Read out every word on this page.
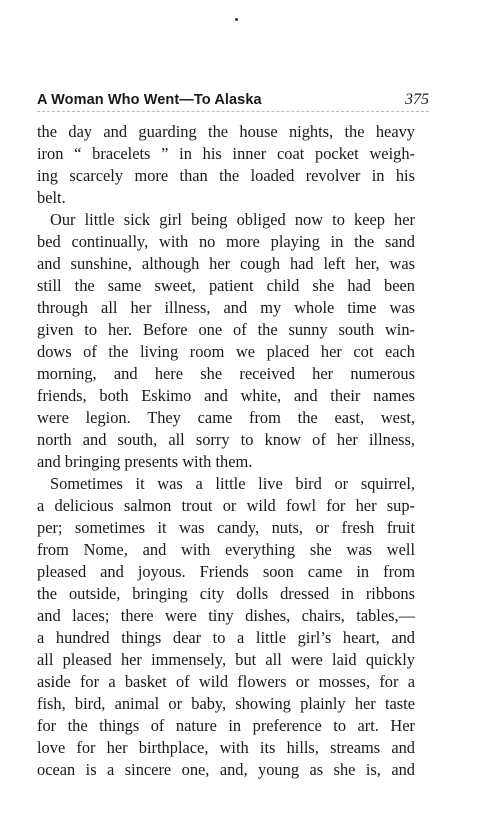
A Woman Who Went—To Alaska	375
the day and guarding the house nights, the heavy
iron “ bracelets ” in his inner coat pocket weigh-
ing scarcely more than the loaded revolver in his
belt.
Our little sick girl being obliged now to keep her
bed continually, with no more playing in the sand
and sunshine, although her cough had left her, was
still the same sweet, patient child she had been
through all her illness, and my whole time was
given to her. Before one of the sunny south win-
dows of the living room we placed her cot each
morning, and here she received her numerous
friends, both Eskimo and white, and their names
were legion. They came from the east, west,
north and south, all sorry to know of her illness,
and bringing presents with them.
Sometimes it was a little live bird or squirrel,
a delicious salmon trout or wild fowl for her sup-
per; sometimes it was candy, nuts, or fresh fruit
from Nome, and with everything she was well
pleased and joyous. Friends soon came in from
the outside, bringing city dolls dressed in ribbons
and laces; there were tiny dishes, chairs, tables,—
a hundred things dear to a little girl’s heart, and
all pleased her immensely, but all were laid quickly
aside for a basket of wild flowers or mosses, for a
fish, bird, animal or baby, showing plainly her taste
for the things of nature in preference to art. Her
love for her birthplace, with its hills, streams and
ocean is a sincere one, and, young as she is, and
